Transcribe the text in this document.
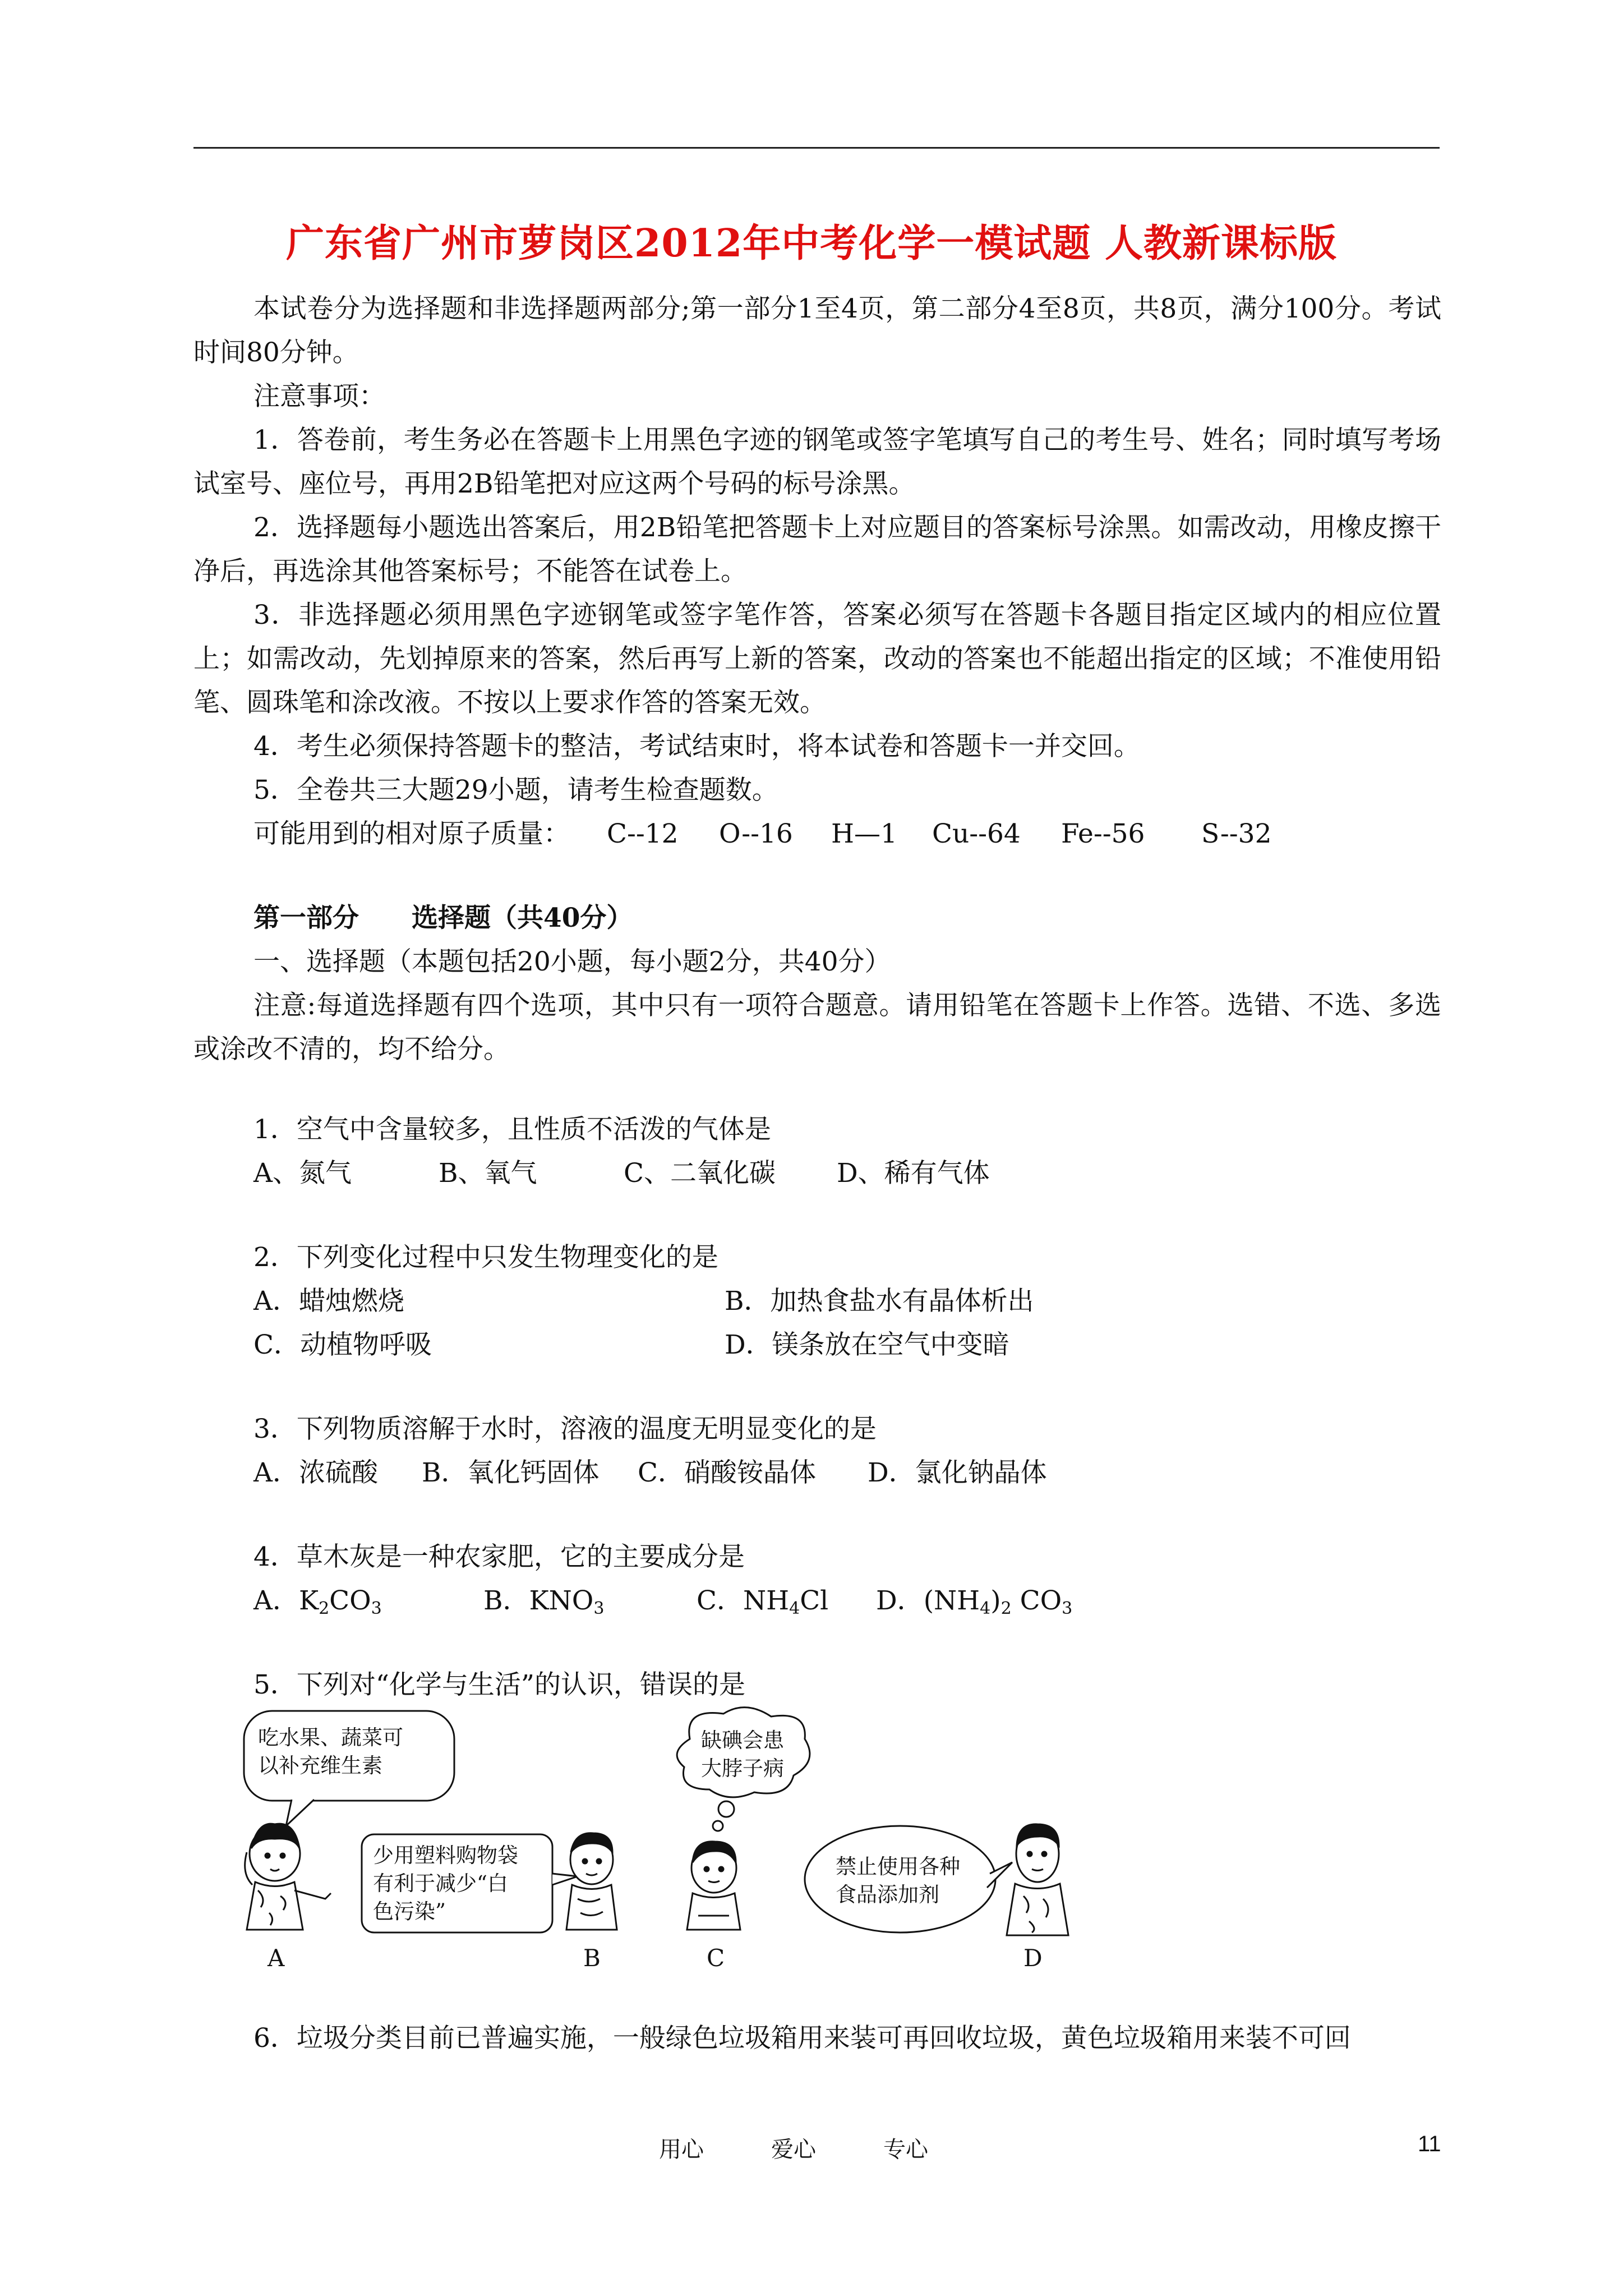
广东省广州市萝岗区2012年中考化学一模试题 人教新课标版
本试卷分为选择题和非选择题两部分;第一部分1至4页，第二部分4至8页，共8页，满分100分。考试时间80分钟。
注意事项：
1．答卷前，考生务必在答题卡上用黑色字迹的钢笔或签字笔填写自己的考生号、姓名；同时填写考场试室号、座位号，再用2B铅笔把对应这两个号码的标号涂黑。
2．选择题每小题选出答案后，用2B铅笔把答题卡上对应题目的答案标号涂黑。如需改动，用橡皮擦干净后，再选涂其他答案标号；不能答在试卷上。
3．非选择题必须用黑色字迹钢笔或签字笔作答，答案必须写在答题卡各题目指定区域内的相应位置上；如需改动，先划掉原来的答案，然后再写上新的答案，改动的答案也不能超出指定的区域；不准使用铅笔、圆珠笔和涂改液。不按以上要求作答的答案无效。
4．考生必须保持答题卡的整洁，考试结束时，将本试卷和答题卡一并交回。
5．全卷共三大题29小题，请考生检查题数。
可能用到的相对原子质量： C--12 O--16 H—1 Cu--64 Fe--56 S--32
第一部分　　选择题（共40分）
一、选择题（本题包括20小题，每小题2分，共40分）
注意:每道选择题有四个选项，其中只有一项符合题意。请用铅笔在答题卡上作答。选错、不选、多选或涂改不清的，均不给分。
1．空气中含量较多，且性质不活泼的气体是
A、氮气	B、氧气	C、二氧化碳 D、稀有气体
2．下列变化过程中只发生物理变化的是
A．蜡烛燃烧	B．加热食盐水有晶体析出
C．动植物呼吸	D．镁条放在空气中变暗
3．下列物质溶解于水时，溶液的温度无明显变化的是
A．浓硫酸 B．氧化钙固体 C．硝酸铵晶体 D．氯化钠晶体
4．草木灰是一种农家肥，它的主要成分是
A．$K_2CO_3$	B．$KNO_3$	C．$NH_4Cl$ D．$(NH_4)_2$ $CO_3$
5．下列对“化学与生活”的认识，错误的是
吃水果、蔬菜可
以补充维生素
A
少用塑料购物袋
有利于减少“白
色污染”
B
缺碘会患
大脖子病
C
禁止使用各种
食品添加剂
D
6．垃圾分类目前已普遍实施，一般绿色垃圾箱用来装可再回收垃圾，黄色垃圾箱用来装不可回
用心	爱心	专心	11
